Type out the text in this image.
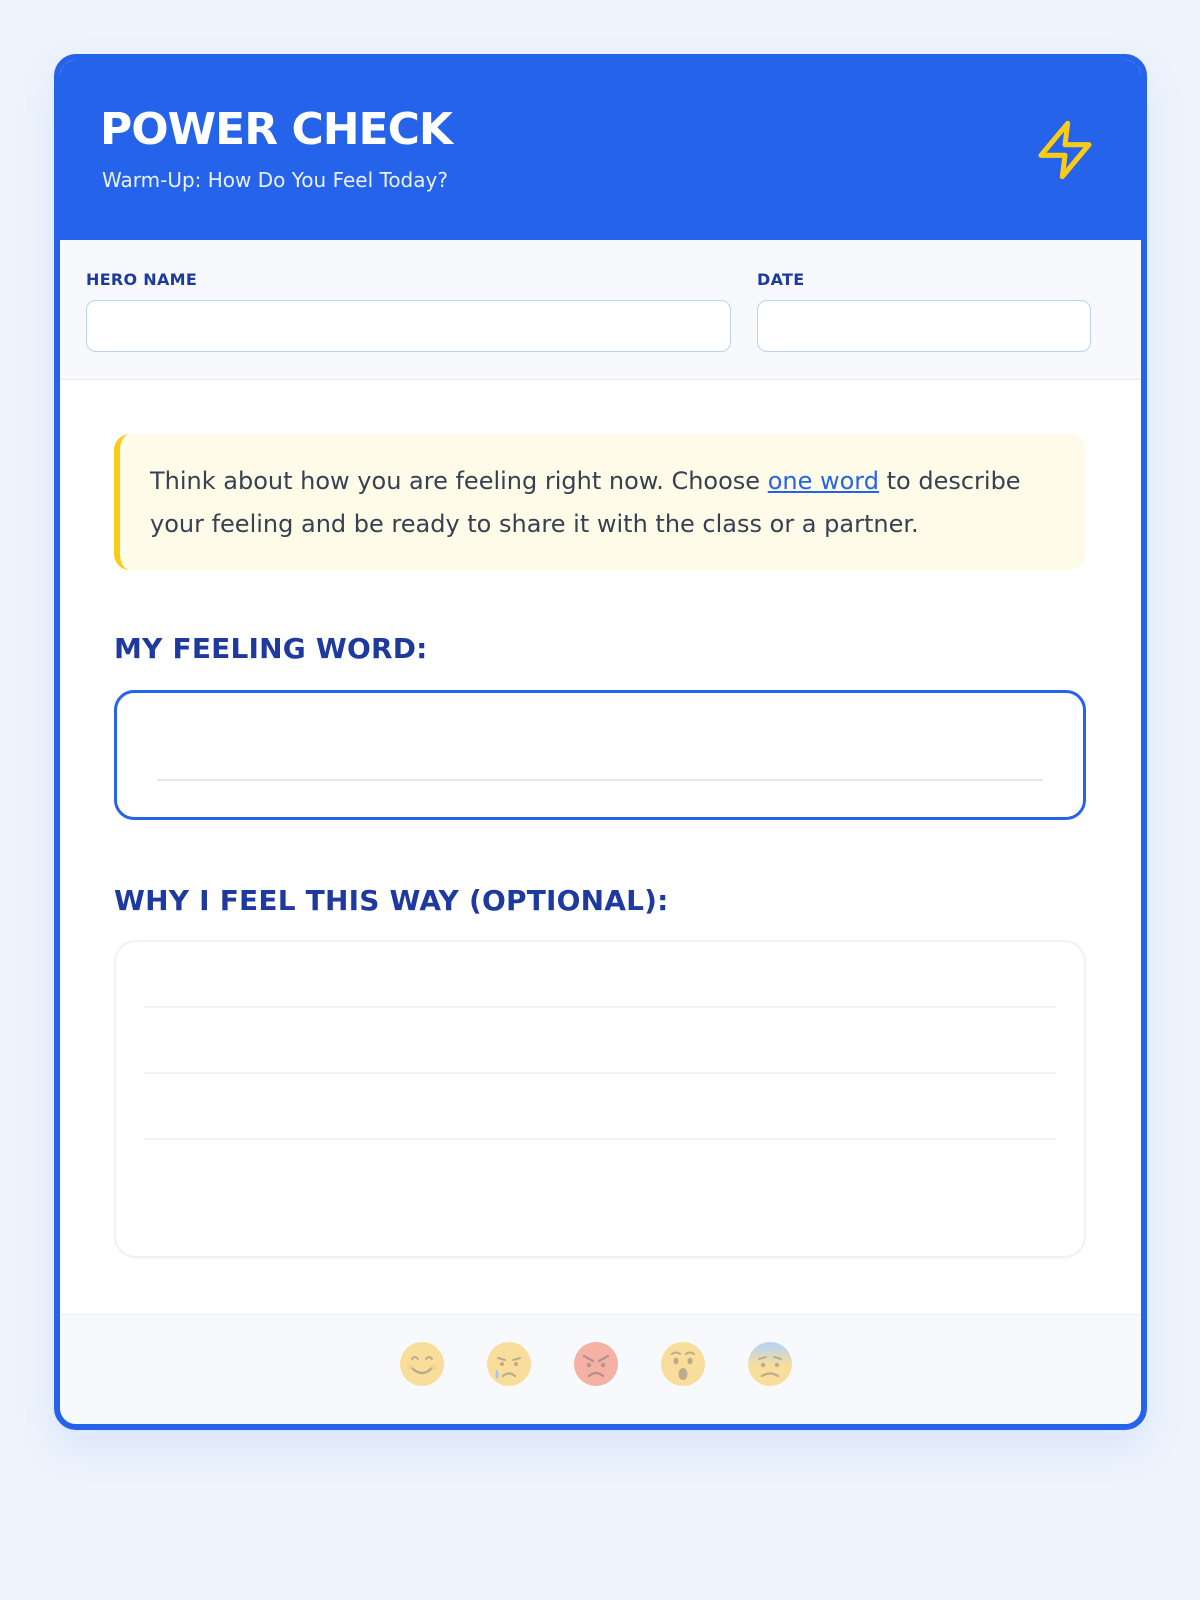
POWER CHECK
Warm-Up: How Do You Feel Today?
HERO NAME	DATE
Think about how you are feeling right now. Choose one word to describe your feeling and be ready to share it with the class or a partner.
MY FEELING WORD:
WHY I FEEL THIS WAY (OPTIONAL):
